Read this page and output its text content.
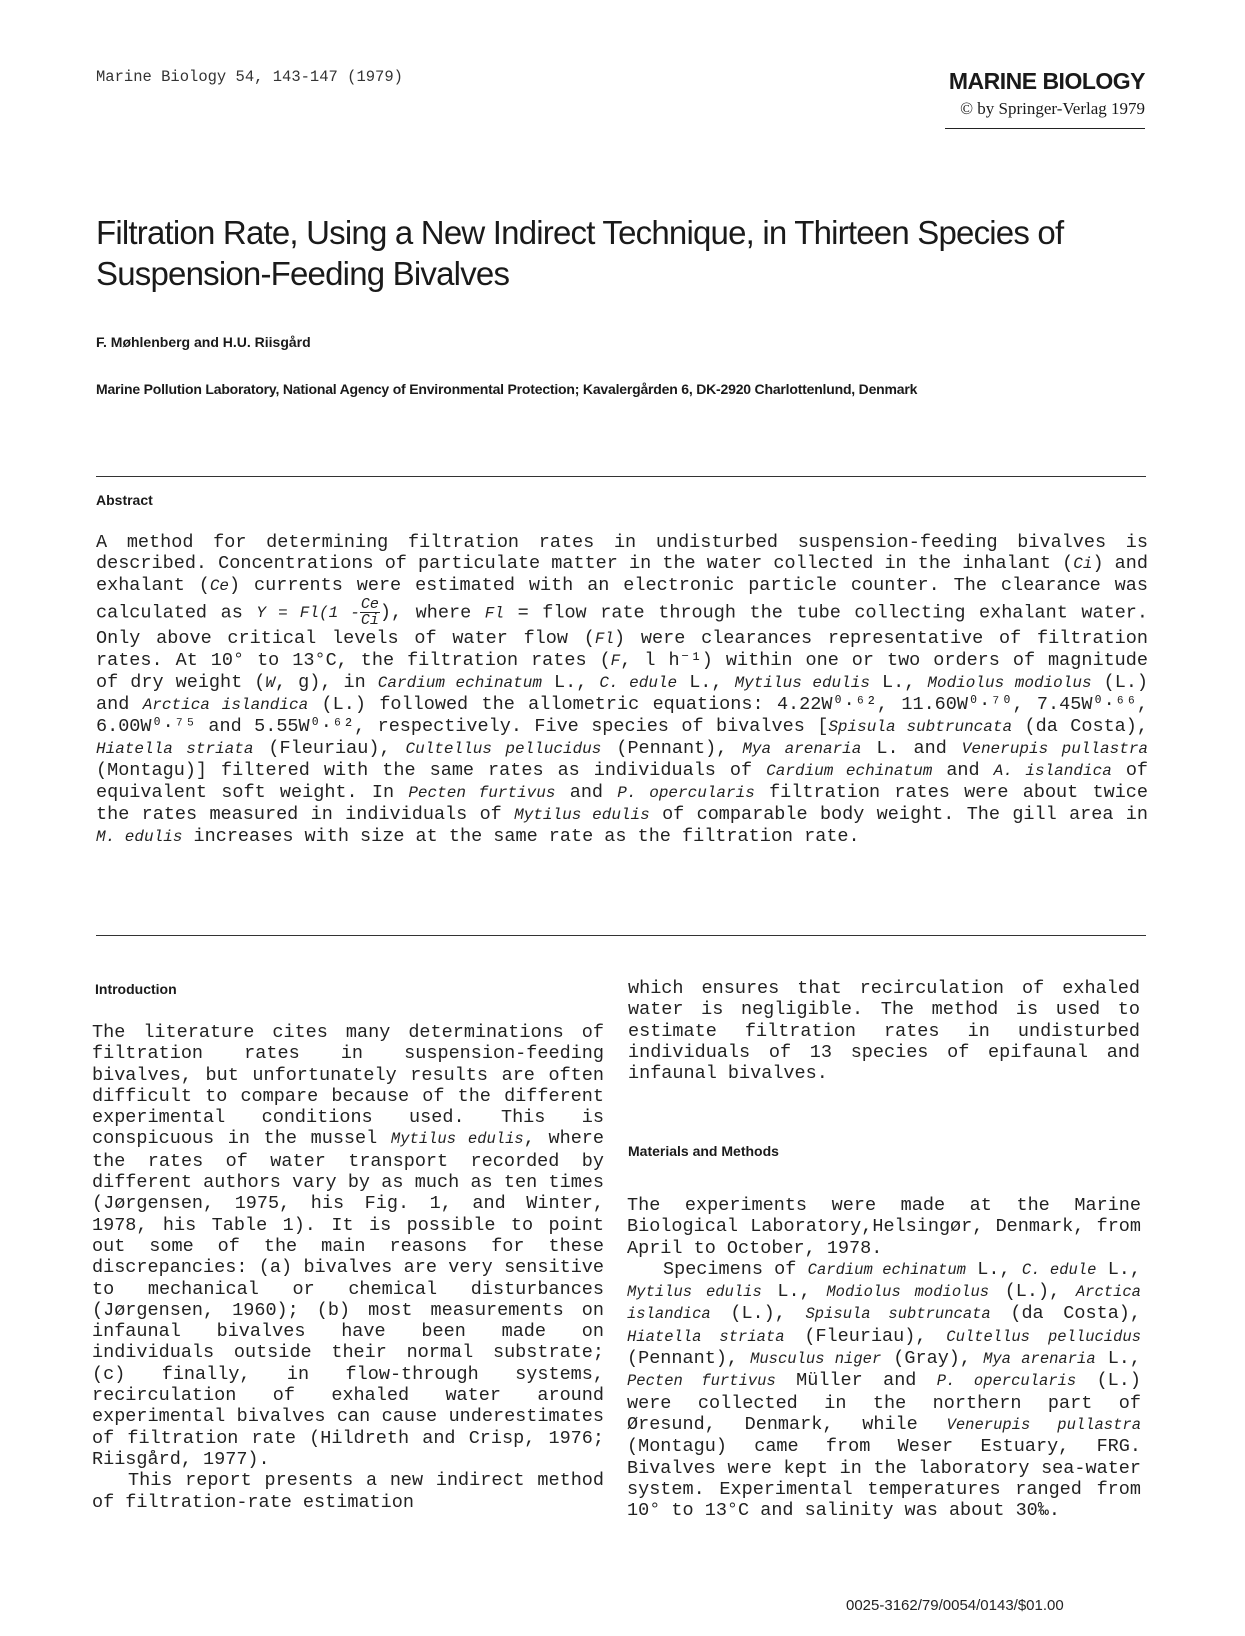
Marine Biology 54, 143-147 (1979)	MARINE BIOLOGY
© by Springer-Verlag 1979
Filtration Rate, Using a New Indirect Technique, in Thirteen Species of Suspension-Feeding Bivalves
F. Møhlenberg and H.U. Riisgård
Marine Pollution Laboratory, National Agency of Environmental Protection; Kavalergården 6, DK-2920 Charlottenlund, Denmark
Abstract

A method for determining filtration rates in undisturbed suspension-feeding bivalves is described. Concentrations of particulate matter in the water collected in the inhalant (Ci) and exhalant (Ce) currents were estimated with an electronic particle counter. The clearance was calculated as $Y = Fl(1 - \frac{Ce}{Ci}$ ), where Fl = flow rate through the tube collecting exhalant water. Only above critical levels of water flow (Fl) were clearances representative of filtration rates. At 10° to 13°C, the filtration rates (F, l h⁻¹) within one or two orders of magnitude of dry weight (W, g), in Cardium echinatum L., C. edule L., Mytilus edulis L., Modiolus modiolus (L.) and Arctica islandica (L.) followed the allometric equations: 4.22W⁰·⁶², 11.60W⁰·⁷⁰, 7.45W⁰·⁶⁶, 6.00W⁰·⁷⁵ and 5.55W⁰·⁶², respectively. Five species of bivalves [Spisula subtruncata (da Costa), Hiatella striata (Fleuriau), Cultellus pellucidus (Pennant), Mya arenaria L. and Venerupis pullastra (Montagu)] filtered with the same rates as individuals of Cardium echinatum and A. islandica of equivalent soft weight. In Pecten furtivus and P. opercularis filtration rates were about twice the rates measured in individuals of Mytilus edulis of comparable body weight. The gill area in M. edulis increases with size at the same rate as the filtration rate.

Introduction

The literature cites many determinations of filtration rates in suspension-feeding bivalves, but unfortunately results are often difficult to compare because of the different experimental conditions used. This is conspicuous in the mussel Mytilus edulis, where the rates of water transport recorded by different authors vary by as much as ten times (Jørgensen, 1975, his Fig. 1, and Winter, 1978, his Table 1). It is possible to point out some of the main reasons for these discrepancies: (a) bivalves are very sensitive to mechanical or chemical disturbances (Jørgensen, 1960); (b) most measurements on infaunal bivalves have been made on individuals outside their normal substrate; (c) finally, in flow-through systems, recirculation of exhaled water around experimental bivalves can cause underestimates of filtration rate (Hildreth and Crisp, 1976; Riisgård, 1977).

This report presents a new indirect method of filtration-rate estimation

which ensures that recirculation of exhaled water is negligible. The method is used to estimate filtration rates in undisturbed individuals of 13 species of epifaunal and infaunal bivalves.

Materials and Methods

The experiments were made at the Marine Biological Laboratory,Helsingør, Denmark, from April to October, 1978.

Specimens of Cardium echinatum L., C. edule L., Mytilus edulis L., Modiolus modiolus (L.), Arctica islandica (L.), Spisula subtruncata (da Costa), Hiatella striata (Fleuriau), Cultellus pellucidus (Pennant), Musculus niger (Gray), Mya arenaria L., Pecten furtivus Müller and P. opercularis (L.) were collected in the northern part of Øresund, Denmark, while Venerupis pullastra (Montagu) came from Weser Estuary, FRG. Bivalves were kept in the laboratory sea-water system. Experimental temperatures ranged from 10° to 13°C and salinity was about 30‰.

0025-3162/79/0054/0143/$01.00
